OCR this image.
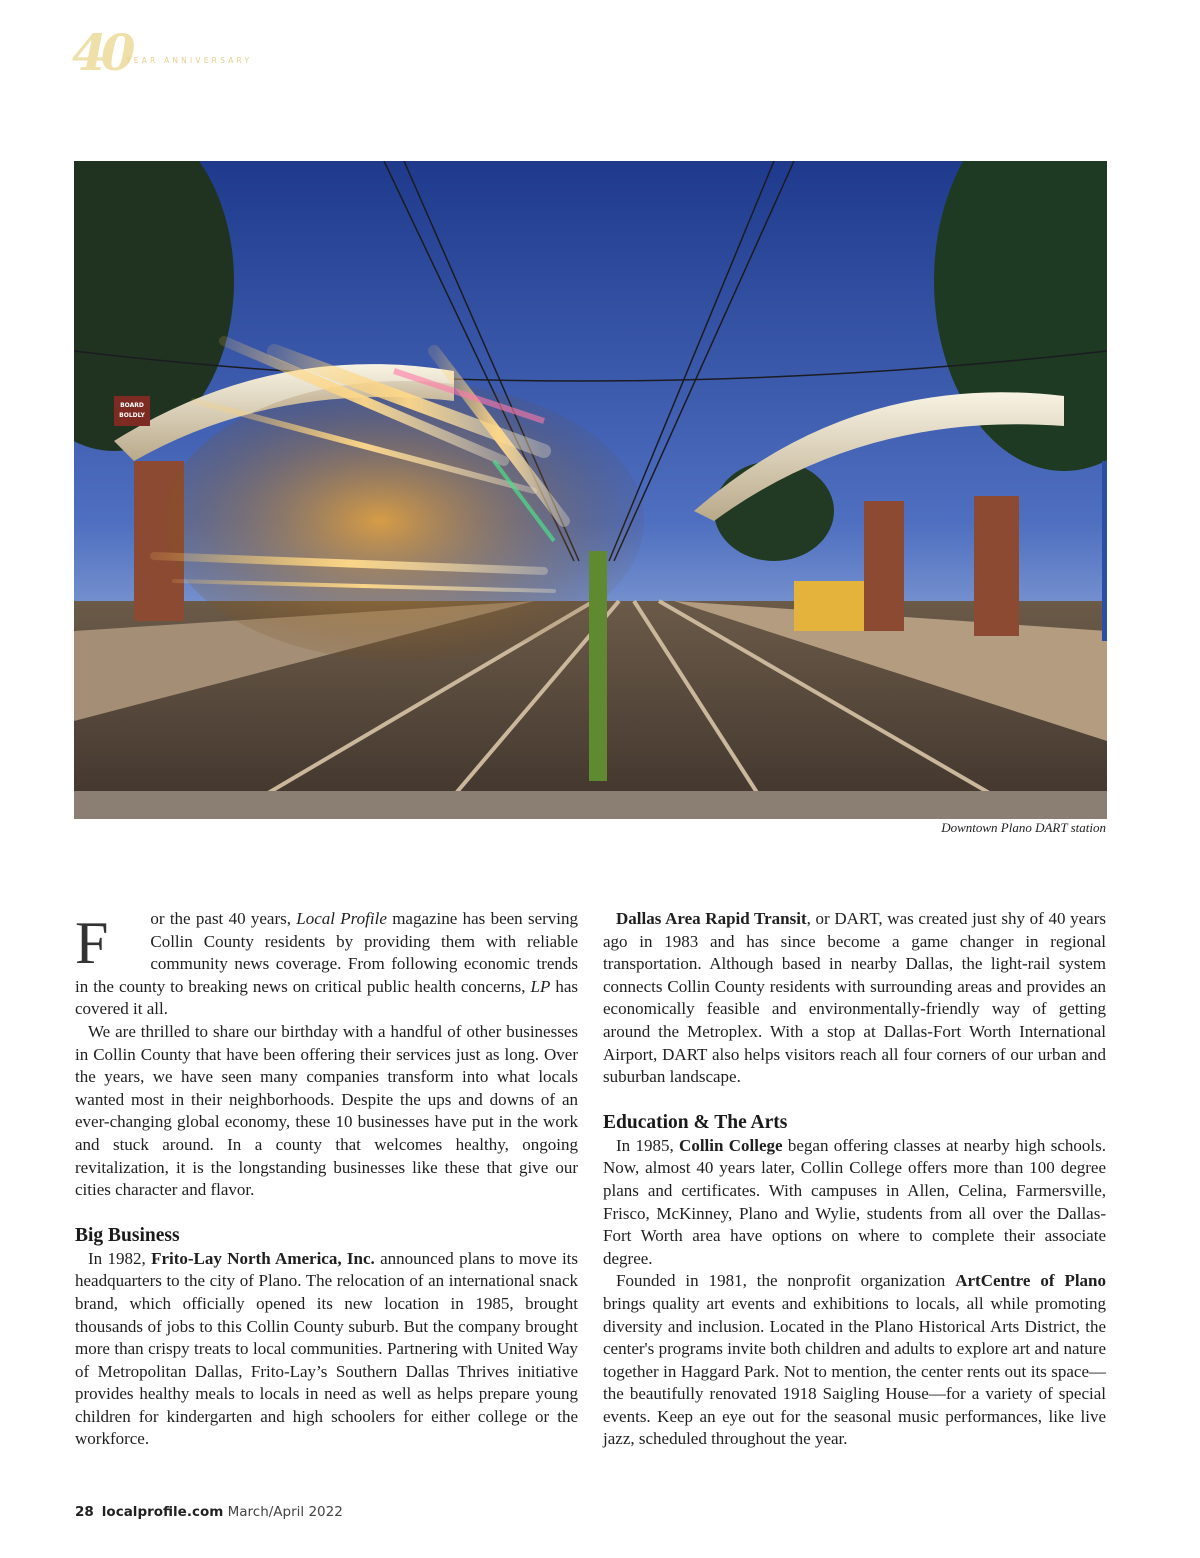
40
YEAR ANNIVERSARY
BOARD
BOLDLY
Downtown Plano DART station

F or the past 40 years, Local Profile magazine has been serving Collin County residents by providing them with reliable community news coverage. From following economic trends in the county to breaking news on critical public health concerns, LP has covered it all.

We are thrilled to share our birthday with a handful of other businesses in Collin County that have been offering their services just as long. Over the years, we have seen many companies transform into what locals wanted most in their neighborhoods. Despite the ups and downs of an ever-changing global economy, these 10 businesses have put in the work and stuck around. In a county that welcomes healthy, ongoing revitalization, it is the longstanding businesses like these that give our cities character and flavor.

Big Business

In 1982, Frito-Lay North America, Inc. announced plans to move its headquarters to the city of Plano. The relocation of an international snack brand, which officially opened its new location in 1985, brought thousands of jobs to this Collin County suburb. But the company brought more than crispy treats to local communities. Partnering with United Way of Metropolitan Dallas, Frito-Lay’s Southern Dallas Thrives initiative provides healthy meals to locals in need as well as helps prepare young children for kindergarten and high schoolers for either college or the workforce.

Dallas Area Rapid Transit, or DART, was created just shy of 40 years ago in 1983 and has since become a game changer in regional transportation. Although based in nearby Dallas, the light-rail system connects Collin County residents with surrounding areas and provides an economically feasible and environmentally-friendly way of getting around the Metroplex. With a stop at Dallas-Fort Worth International Airport, DART also helps visitors reach all four corners of our urban and suburban landscape.

Education & The Arts

In 1985, Collin College began offering classes at nearby high schools. Now, almost 40 years later, Collin College offers more than 100 degree plans and certificates. With campuses in Allen, Celina, Farmersville, Frisco, McKinney, Plano and Wylie, students from all over the Dallas-Fort Worth area have options on where to complete their associate degree.

Founded in 1981, the nonprofit organization ArtCentre of Plano brings quality art events and exhibitions to locals, all while promoting diversity and inclusion. Located in the Plano Historical Arts District, the center's programs invite both children and adults to explore art and nature together in Haggard Park. Not to mention, the center rents out its space—the beautifully renovated 1918 Saigling House—for a variety of special events. Keep an eye out for the seasonal music performances, like live jazz, scheduled throughout the year.

28 localprofile.com March/April 2022
